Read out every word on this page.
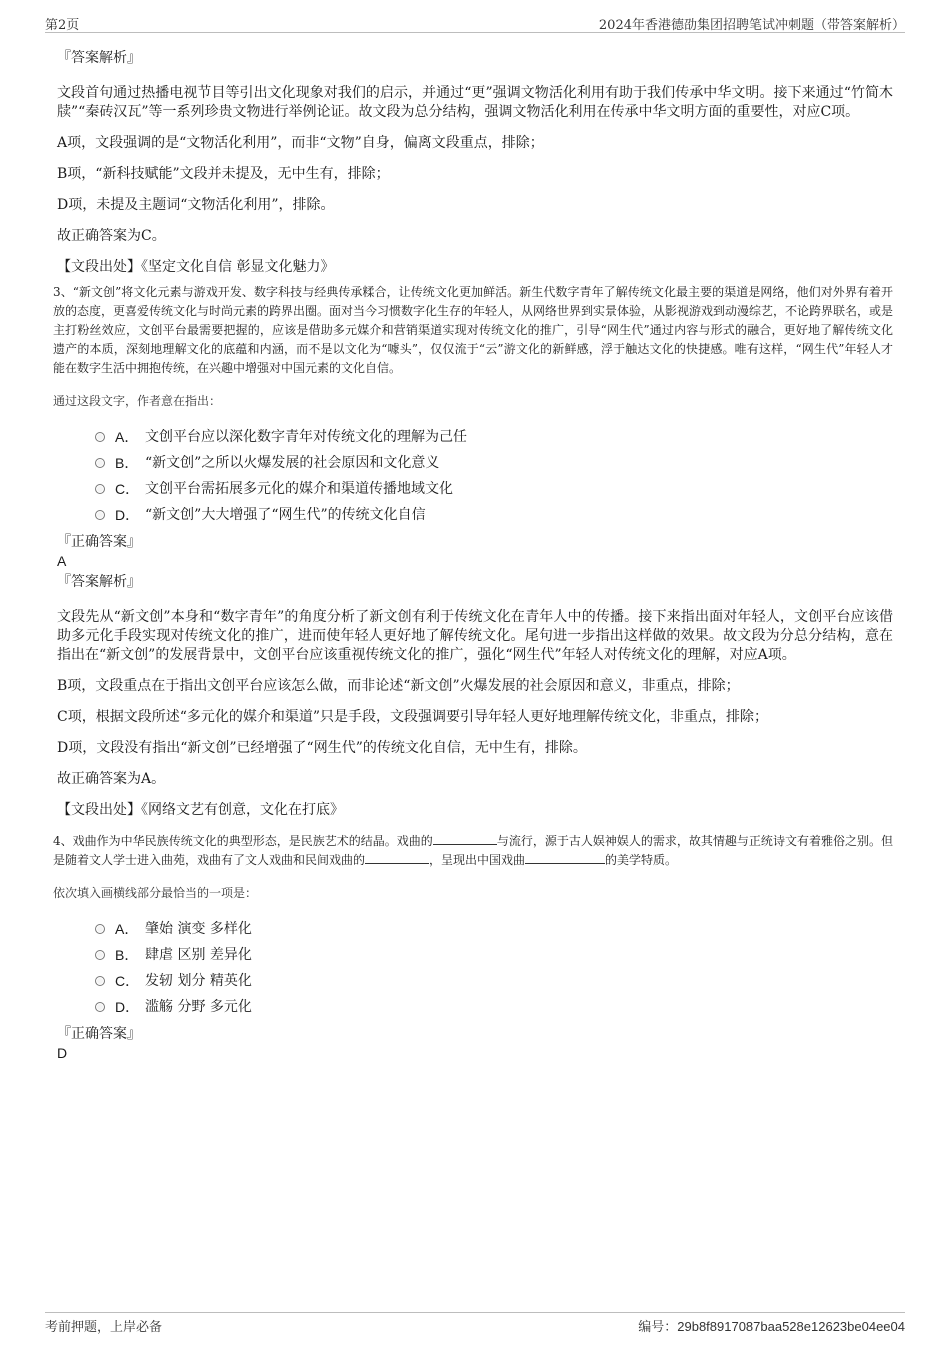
第2页	2024年香港德劭集团招聘笔试冲刺题（带答案解析）
『答案解析』

文段首句通过热播电视节目等引出文化现象对我们的启示，并通过“更”强调文物活化利用有助于我们传承中华文明。接下来通过“竹简木牍”“秦砖汉瓦”等一系列珍贵文物进行举例论证。故文段为总分结构，强调文物活化利用在传承中华文明方面的重要性，对应C项。

A项，文段强调的是“文物活化利用”，而非“文物”自身，偏离文段重点，排除；

B项，“新科技赋能”文段并未提及，无中生有，排除；

D项，未提及主题词“文物活化利用”，排除。

故正确答案为C。

【文段出处】《坚定文化自信 彰显文化魅力》

3、“新文创”将文化元素与游戏开发、数字科技与经典传承糅合，让传统文化更加鲜活。新生代数字青年了解传统文化最主要的渠道是网络，他们对外界有着开放的态度，更喜爱传统文化与时尚元素的跨界出圈。面对当今习惯数字化生存的年轻人，从网络世界到实景体验，从影视游戏到动漫综艺，不论跨界联名，或是主打粉丝效应，文创平台最需要把握的，应该是借助多元媒介和营销渠道实现对传统文化的推广，引导“网生代”通过内容与形式的融合，更好地了解传统文化遗产的本质，深刻地理解文化的底蕴和内涵，而不是以文化为“噱头”，仅仅流于“云”游文化的新鲜感，浮于触达文化的快捷感。唯有这样，“网生代”年轻人才能在数字生活中拥抱传统，在兴趣中增强对中国元素的文化自信。

通过这段文字，作者意在指出：

A． 文创平台应以深化数字青年对传统文化的理解为己任
B． “新文创”之所以火爆发展的社会原因和文化意义
C． 文创平台需拓展多元化的媒介和渠道传播地域文化
D． “新文创”大大增强了“网生代”的传统文化自信
『正确答案』

A

『答案解析』

文段先从“新文创”本身和“数字青年”的角度分析了新文创有利于传统文化在青年人中的传播。接下来指出面对年轻人，文创平台应该借助多元化手段实现对传统文化的推广，进而使年轻人更好地了解传统文化。尾句进一步指出这样做的效果。故文段为分总分结构，意在指出在“新文创”的发展背景中，文创平台应该重视传统文化的推广，强化“网生代”年轻人对传统文化的理解，对应A项。

B项，文段重点在于指出文创平台应该怎么做，而非论述“新文创”火爆发展的社会原因和意义，非重点，排除；

C项，根据文段所述“多元化的媒介和渠道”只是手段，文段强调要引导年轻人更好地理解传统文化，非重点，排除；

D项，文段没有指出“新文创”已经增强了“网生代”的传统文化自信，无中生有，排除。

故正确答案为A。

【文段出处】《网络文艺有创意，文化在打底》

4、戏曲作为中华民族传统文化的典型形态，是民族艺术的结晶。戏曲的	与流行，源于古人娱神娱人的需求，故其情趣与正统诗文有着雅俗之别。但是随着文人学士进入曲苑，戏曲有了文人戏曲和民间戏曲的	，呈现出中国戏曲	的美学特质。

依次填入画横线部分最恰当的一项是：

A． 肇始 演变 多样化
B． 肆虐 区别 差异化
C． 发轫 划分 精英化
D． 滥觞 分野 多元化
『正确答案』

D

考前押题，上岸必备	编号：29b8f8917087baa528e12623be04ee04
